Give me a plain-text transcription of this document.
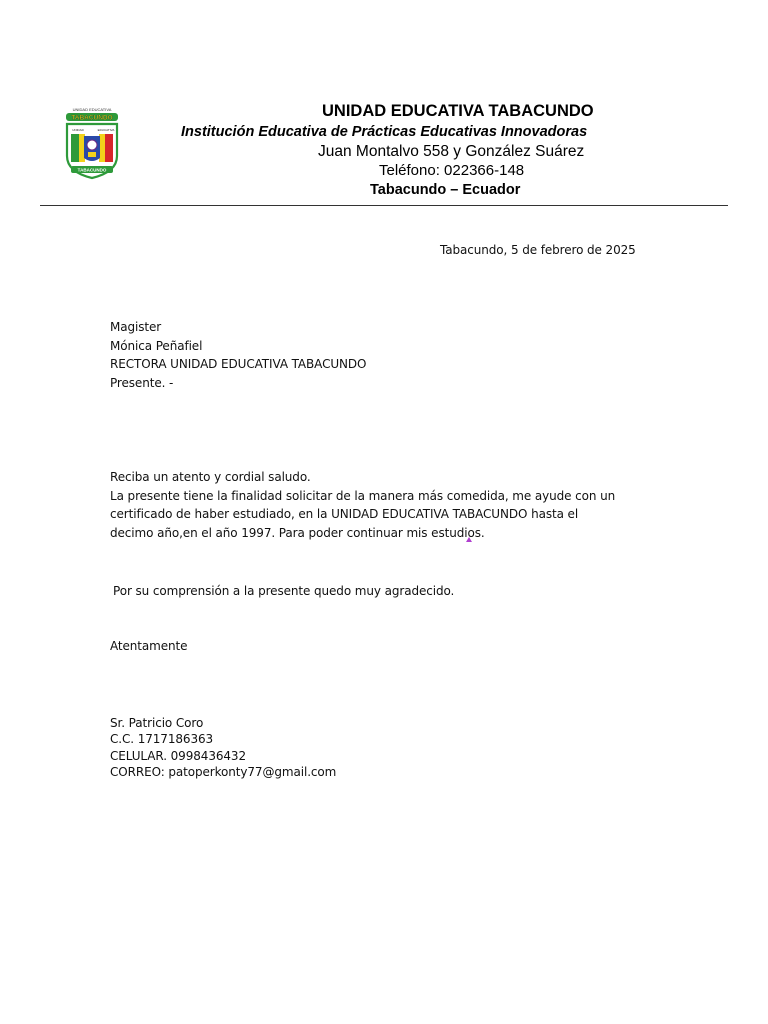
UNIDAD EDUCATIVA
TABACUNDO
UNIDAD	EDUCATIVA
TABACUNDO
UNIDAD EDUCATIVA TABACUNDO
Institución Educativa de Prácticas Educativas Innovadoras
Juan Montalvo 558 y González Suárez
Teléfono: 022366-148
Tabacundo – Ecuador
Tabacundo, 5 de febrero de 2025
Magister
Mónica Peñafiel
RECTORA UNIDAD EDUCATIVA TABACUNDO
Presente. -
Reciba un atento y cordial saludo.
La presente tiene la finalidad solicitar de la manera más comedida, me ayude con un
certificado de haber estudiado, en la UNIDAD EDUCATIVA TABACUNDO hasta el
decimo año,en el año 1997. Para poder continuar mis estudios.
Por su comprensión a la presente quedo muy agradecido.
Atentamente
Sr. Patricio Coro
C.C. 1717186363
CELULAR. 0998436432
CORREO: patoperkonty77@gmail.com
